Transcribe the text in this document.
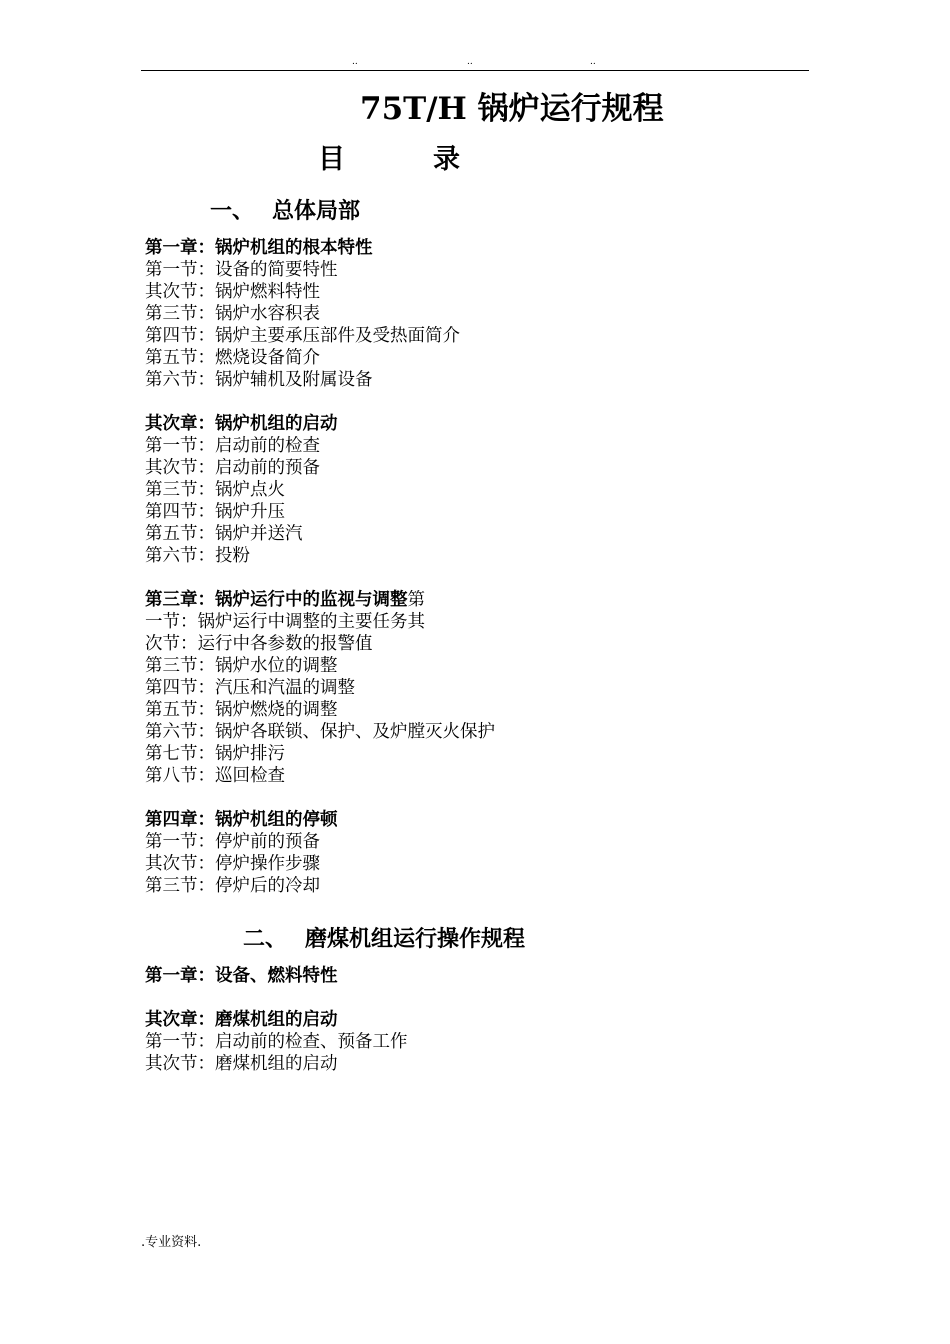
..	..	..
75T/H 锅炉运行规程
目	录
一、 总体局部
第一章：锅炉机组的根本特性
第一节：设备的简要特性
其次节：锅炉燃料特性
第三节：锅炉水容积表
第四节：锅炉主要承压部件及受热面简介
第五节：燃烧设备简介
第六节：锅炉辅机及附属设备
其次章：锅炉机组的启动
第一节：启动前的检查
其次节：启动前的预备
第三节：锅炉点火
第四节：锅炉升压
第五节：锅炉并送汽
第六节：投粉
第三章：锅炉运行中的监视与调整第
一节：锅炉运行中调整的主要任务其
次节：运行中各参数的报警值
第三节：锅炉水位的调整
第四节：汽压和汽温的调整
第五节：锅炉燃烧的调整
第六节：锅炉各联锁、保护、及炉膛灭火保护
第七节：锅炉排污
第八节：巡回检查
第四章：锅炉机组的停顿
第一节：停炉前的预备
其次节：停炉操作步骤
第三节：停炉后的冷却
二、 磨煤机组运行操作规程
第一章：设备、燃料特性
其次章：磨煤机组的启动
第一节：启动前的检查、预备工作
其次节：磨煤机组的启动
.专业资料.
